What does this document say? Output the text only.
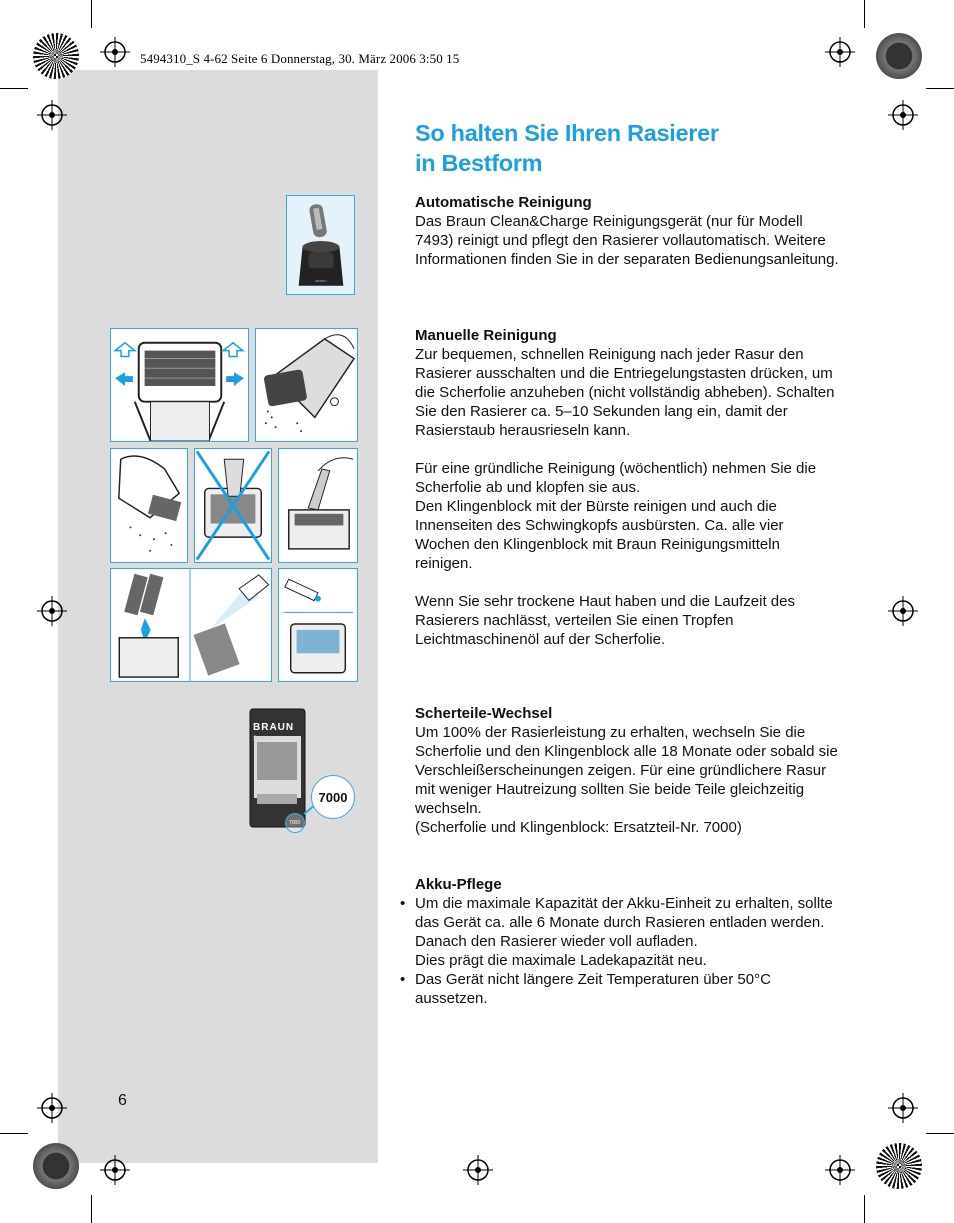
5494310_S 4-62 Seite 6 Donnerstag, 30. März 2006 3:50 15
So halten Sie Ihren Rasierer
in Bestform
Automatische Reinigung

Das Braun Clean&Charge Reinigungsgerät (nur für Modell 7493) reinigt und pflegt den Rasierer vollautomatisch. Weitere Informationen finden Sie in der separaten Bedienungsanleitung.

Manuelle Reinigung

Zur bequemen, schnellen Reinigung nach jeder Rasur den Rasierer ausschalten und die Entriegelungstasten drücken, um die Scherfolie anzuheben (nicht vollständig abheben). Schalten Sie den Rasierer ca. 5–10 Sekunden lang ein, damit der Rasierstaub herausrieseln kann.

Für eine gründliche Reinigung (wöchentlich) nehmen Sie die Scherfolie ab und klopfen sie aus.
Den Klingenblock mit der Bürste reinigen und auch die Innenseiten des Schwingkopfs ausbürsten. Ca. alle vier Wochen den Klingenblock mit Braun Reinigungsmitteln reinigen.

Wenn Sie sehr trockene Haut haben und die Laufzeit des Rasierers nachlässt, verteilen Sie einen Tropfen Leichtmaschinenöl auf der Scherfolie.

Scherteile-Wechsel

Um 100% der Rasierleistung zu erhalten, wechseln Sie die Scherfolie und den Klingenblock alle 18 Monate oder sobald sie Verschleißerscheinungen zeigen. Für eine gründlichere Rasur mit weniger Hautreizung sollten Sie beide Teile gleichzeitig wechseln.

(Scherfolie und Klingenblock: Ersatzteil-Nr. 7000)

Akku-Pflege
• Um die maximale Kapazität der Akku-Einheit zu erhalten, sollte das Gerät ca. alle 6 Monate durch Rasieren entladen werden. Danach den Rasierer wieder voll aufladen.
Dies prägt die maximale Ladekapazität neu.
• Das Gerät nicht längere Zeit Temperaturen über 50°C aussetzen.
6
braun
BRAUN
Syncro
7000
7000
